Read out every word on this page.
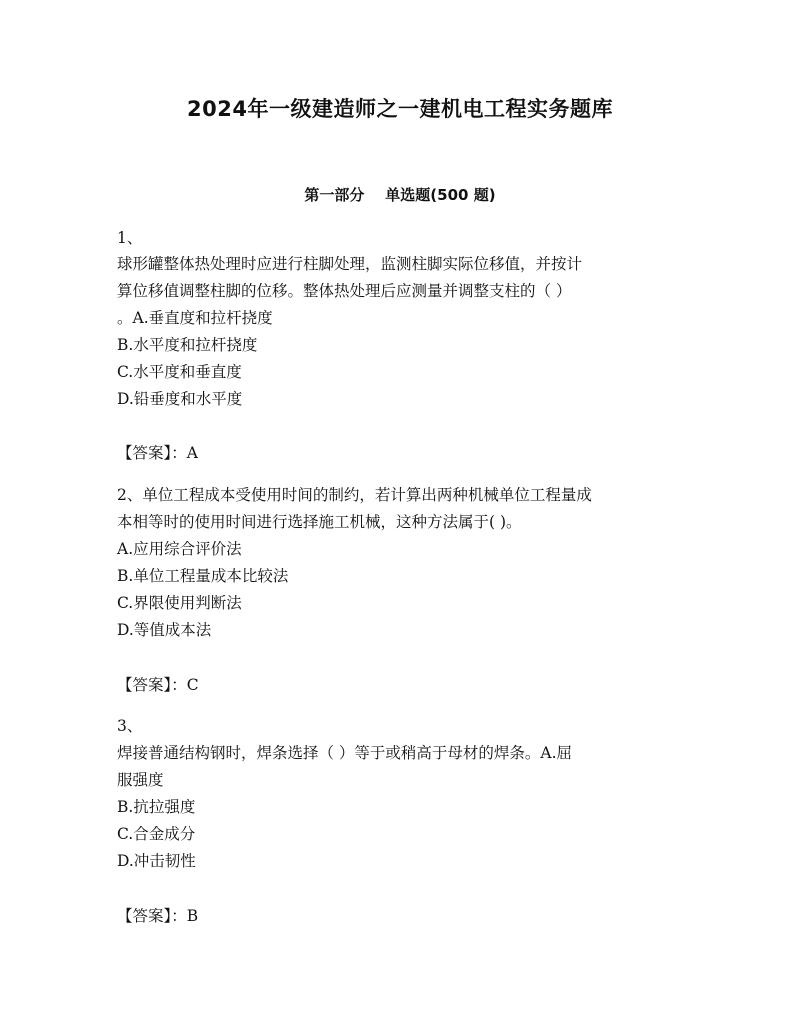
2024年一级建造师之一建机电工程实务题库
第一部分    单选题(500 题)
1、
球形罐整体热处理时应进行柱脚处理，监测柱脚实际位移值，并按计
算位移值调整柱脚的位移。整体热处理后应测量并调整支柱的（ ）
。A.垂直度和拉杆挠度
B.水平度和拉杆挠度
C.水平度和垂直度
D.铅垂度和水平度
【答案】：A
2、单位工程成本受使用时间的制约，若计算出两种机械单位工程量成
本相等时的使用时间进行选择施工机械，这种方法属于( )。
A.应用综合评价法
B.单位工程量成本比较法
C.界限使用判断法
D.等值成本法
【答案】：C
3、
焊接普通结构钢时，焊条选择（ ）等于或稍高于母材的焊条。A.屈
服强度
B.抗拉强度
C.合金成分
D.冲击韧性
【答案】：B
